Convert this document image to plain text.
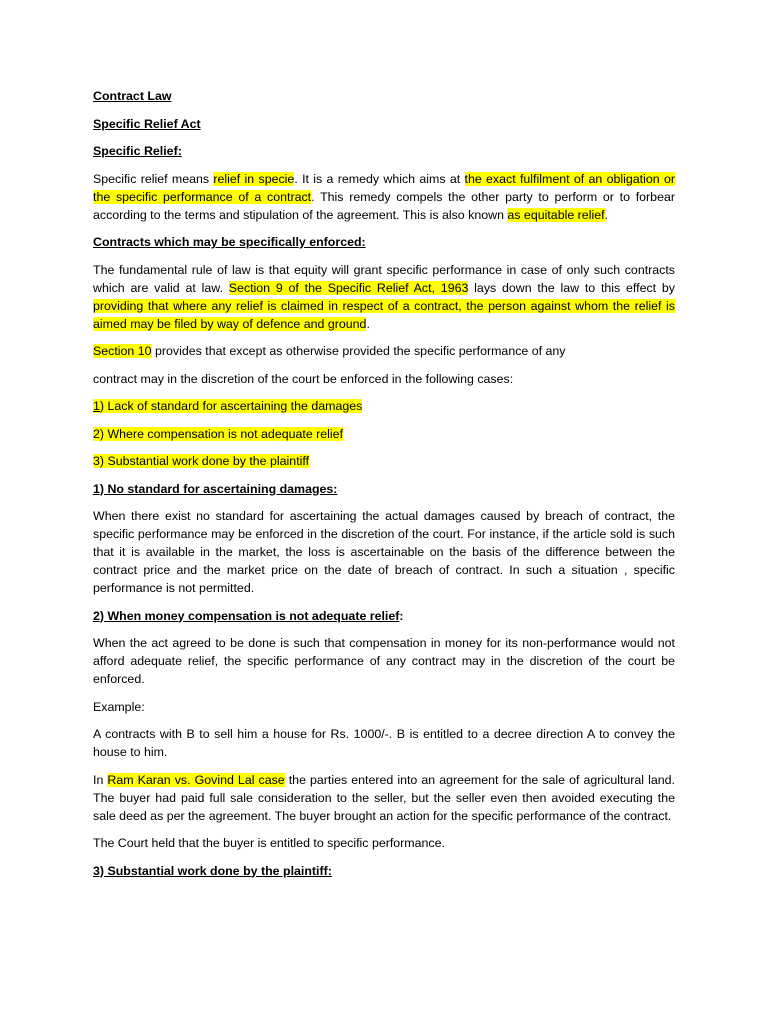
Contract Law

Specific Relief Act

Specific Relief:

Specific relief means relief in specie. It is a remedy which aims at the exact fulfilment of an obligation or the specific performance of a contract. This remedy compels the other party to perform or to forbear according to the terms and stipulation of the agreement. This is also known as equitable relief.

Contracts which may be specifically enforced:

The fundamental rule of law is that equity will grant specific performance in case of only such contracts which are valid at law. Section 9 of the Specific Relief Act, 1963 lays down the law to this effect by providing that where any relief is claimed in respect of a contract, the person against whom the relief is aimed may be filed by way of defence and ground.

Section 10 provides that except as otherwise provided the specific performance of any

contract may in the discretion of the court be enforced in the following cases:

1) Lack of standard for ascertaining the damages

2) Where compensation is not adequate relief

3) Substantial work done by the plaintiff

1) No standard for ascertaining damages:

When there exist no standard for ascertaining the actual damages caused by breach of contract, the specific performance may be enforced in the discretion of the court. For instance, if the article sold is such that it is available in the market, the loss is ascertainable on the basis of the difference between the contract price and the market price on the date of breach of contract. In such a situation , specific performance is not permitted.

2) When money compensation is not adequate relief:

When the act agreed to be done is such that compensation in money for its non-performance would not afford adequate relief, the specific performance of any contract may in the discretion of the court be enforced.

Example:

A contracts with B to sell him a house for Rs. 1000/-. B is entitled to a decree direction A to convey the house to him.

In Ram Karan vs. Govind Lal case the parties entered into an agreement for the sale of agricultural land. The buyer had paid full sale consideration to the seller, but the seller even then avoided executing the sale deed as per the agreement. The buyer brought an action for the specific performance of the contract.

The Court held that the buyer is entitled to specific performance.

3) Substantial work done by the plaintiff:
